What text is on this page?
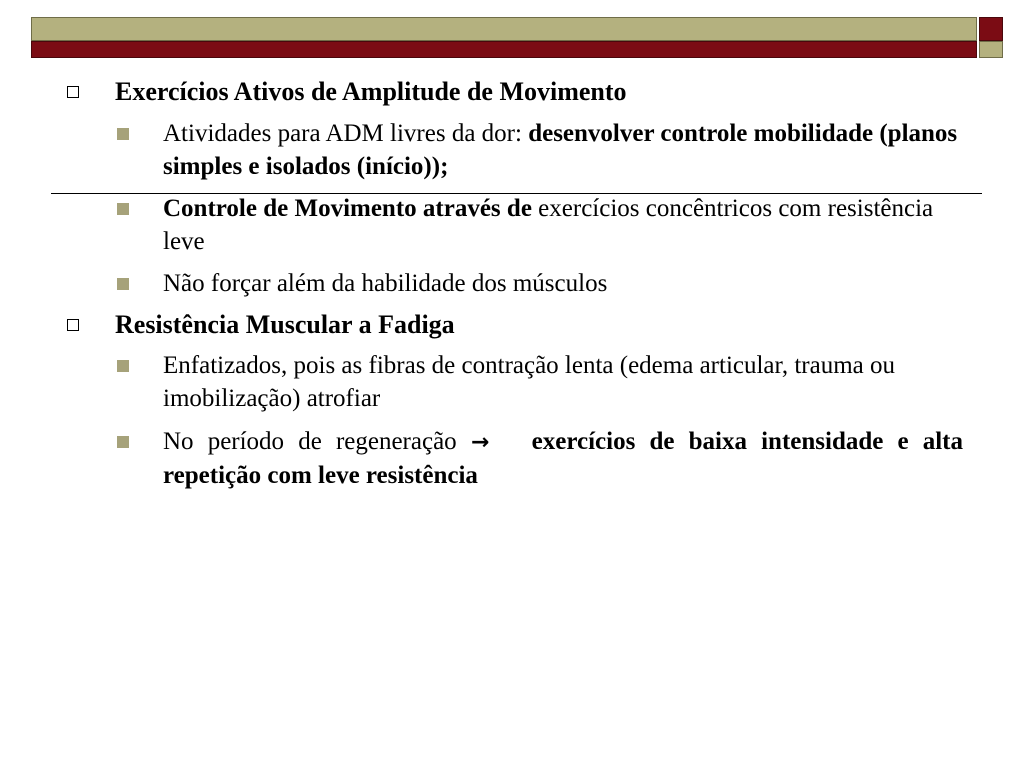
Exercícios Ativos de Amplitude de Movimento
Atividades para ADM livres da dor: desenvolver controle mobilidade (planos simples e isolados (início));
Controle de Movimento através de exercícios concêntricos com resistência leve
Não forçar além da habilidade dos músculos
Resistência Muscular a Fadiga
Enfatizados, pois as fibras de contração lenta (edema articular, trauma ou imobilização) atrofiar
No período de regeneração → exercícios de baixa intensidade e alta repetição com leve resistência
